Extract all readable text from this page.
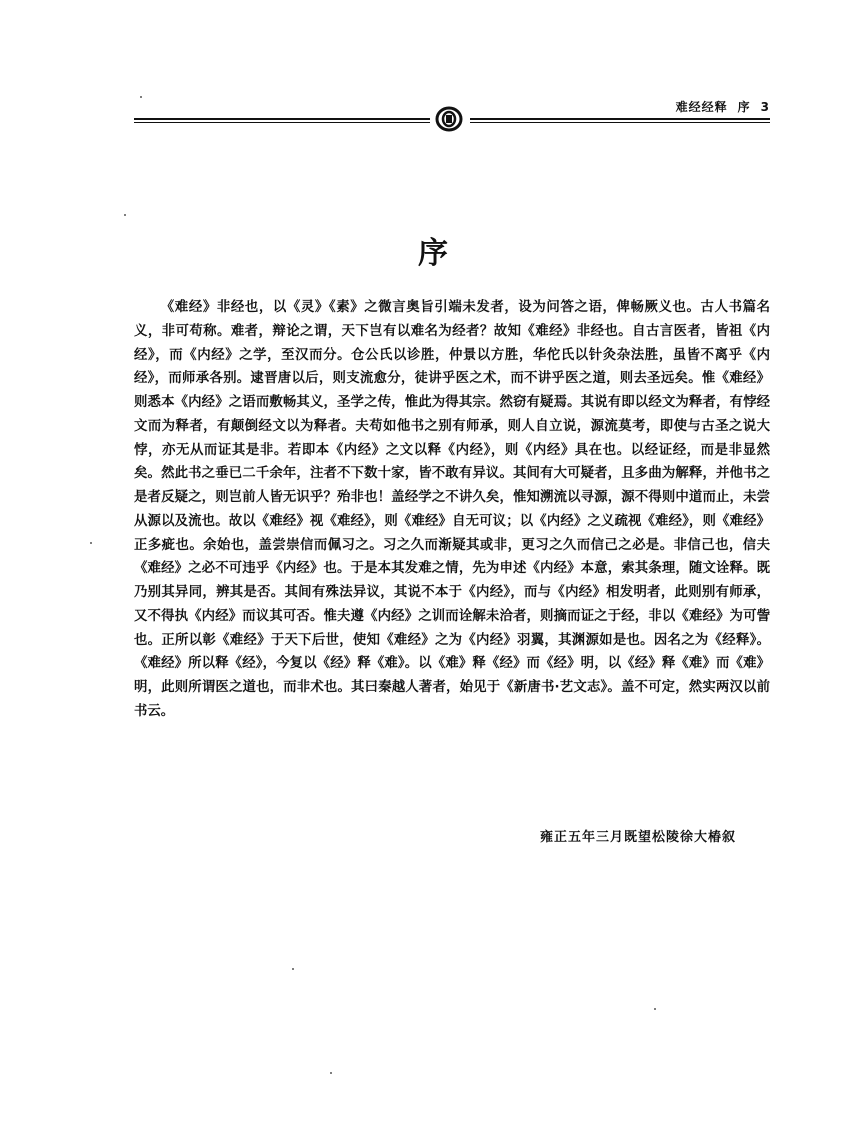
难经经释 序 3
序
《难经》非经也，以《灵》《素》之微言奥旨引端未发者，设为问答之语，俾畅厥义也。古人书篇名义，非可苟称。难者，辩论之谓，天下岂有以难名为经者？故知《难经》非经也。自古言医者，皆祖《内经》，而《内经》之学，至汉而分。仓公氏以诊胜，仲景以方胜，华佗氏以针灸杂法胜，虽皆不离乎《内经》，而师承各别。逮晋唐以后，则支流愈分，徒讲乎医之术，而不讲乎医之道，则去圣远矣。惟《难经》则悉本《内经》之语而敷畅其义，圣学之传，惟此为得其宗。然窃有疑焉。其说有即以经文为释者，有悖经文而为释者，有颠倒经文以为释者。夫苟如他书之别有师承，则人自立说，源流莫考，即使与古圣之说大悖，亦无从而证其是非。若即本《内经》之文以释《内经》，则《内经》具在也。以经证经，而是非显然矣。然此书之垂已二千余年，注者不下数十家，皆不敢有异议。其间有大可疑者，且多曲为解释，并他书之是者反疑之，则岂前人皆无识乎？殆非也！盖经学之不讲久矣，惟知溯流以寻源，源不得则中道而止，未尝从源以及流也。故以《难经》视《难经》，则《难经》自无可议；以《内经》之义疏视《难经》，则《难经》正多疵也。余始也，盖尝崇信而佩习之。习之久而渐疑其或非，更习之久而信己之必是。非信己也，信夫《难经》之必不可违乎《内经》也。于是本其发难之情，先为申述《内经》本意，索其条理，随文诠释。既乃别其异同，辨其是否。其间有殊法异议，其说不本于《内经》，而与《内经》相发明者，此则别有师承，又不得执《内经》而议其可否。惟夫遵《内经》之训而诠解未洽者，则摘而证之于经，非以《难经》为可訾也。正所以彰《难经》于天下后世，使知《难经》之为《内经》羽翼，其渊源如是也。因名之为《经释》。《难经》所以释《经》，今复以《经》释《难》。以《难》释《经》而《经》明，以《经》释《难》而《难》明，此则所谓医之道也，而非术也。其曰秦越人著者，始见于《新唐书·艺文志》。盖不可定，然实两汉以前书云。
雍正五年三月既望松陵徐大椿叙
